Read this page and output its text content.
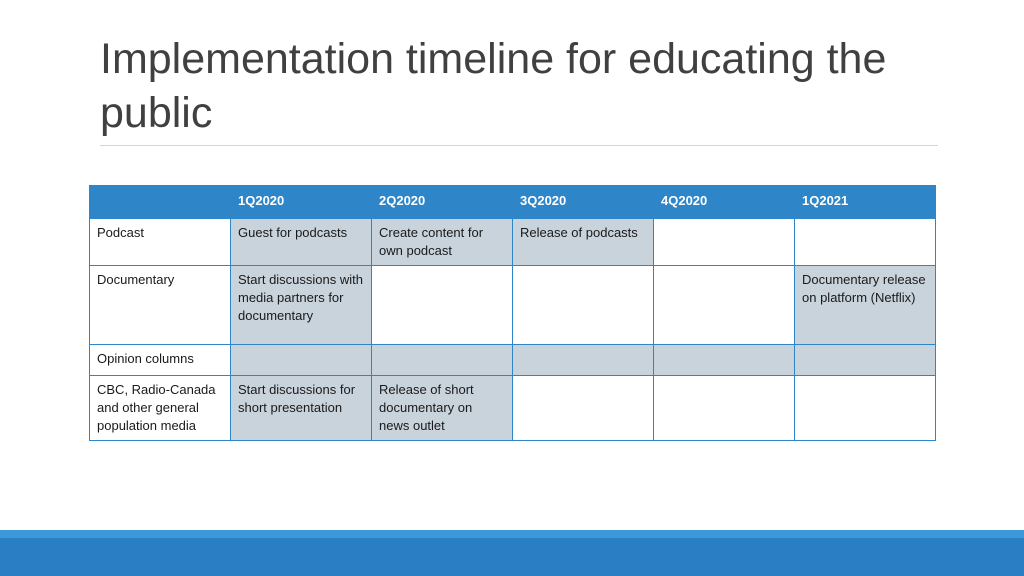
Implementation timeline for educating the public
	1Q2020	2Q2020	3Q2020	4Q2020	1Q2021
Podcast	Guest for podcasts	Create content for own podcast	Release of podcasts		
Documentary	Start discussions with media partners for documentary				Documentary release on platform (Netflix)
Opinion columns					
CBC, Radio-Canada and other general population media	Start discussions for short presentation	Release of short documentary on news outlet			
